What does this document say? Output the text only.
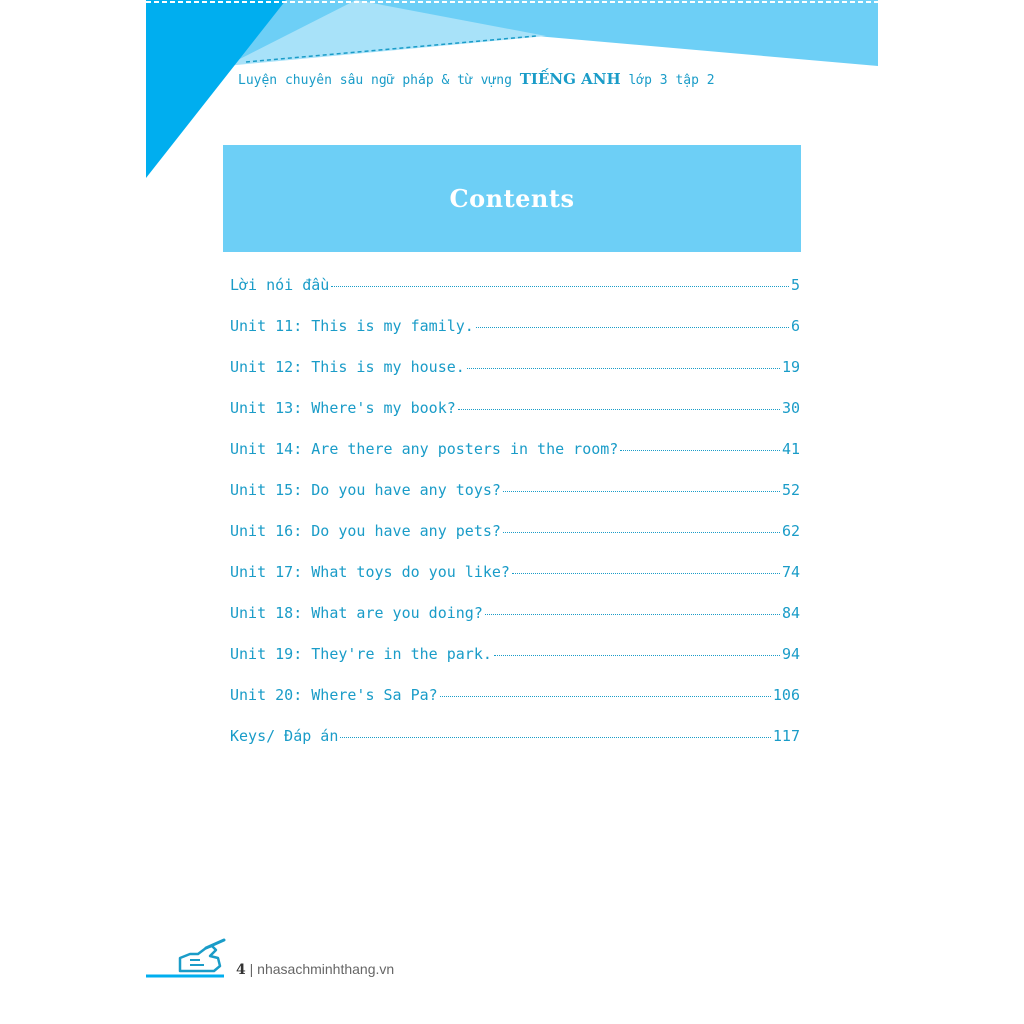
Luyện chuyên sâu ngữ pháp & từ vựng TIẾNG ANH lớp 3 tập 2
Contents
Lời nói đầu	5
Unit 11: This is my family.	6
Unit 12: This is my house.	19
Unit 13: Where's my book?	30
Unit 14: Are there any posters in the room?	41
Unit 15: Do you have any toys?	52
Unit 16: Do you have any pets?	62
Unit 17: What toys do you like?	74
Unit 18: What are you doing?	84
Unit 19: They're in the park.	94
Unit 20: Where's Sa Pa?	106
Keys/ Đáp án	117
4 | nhasachminhthang.vn
